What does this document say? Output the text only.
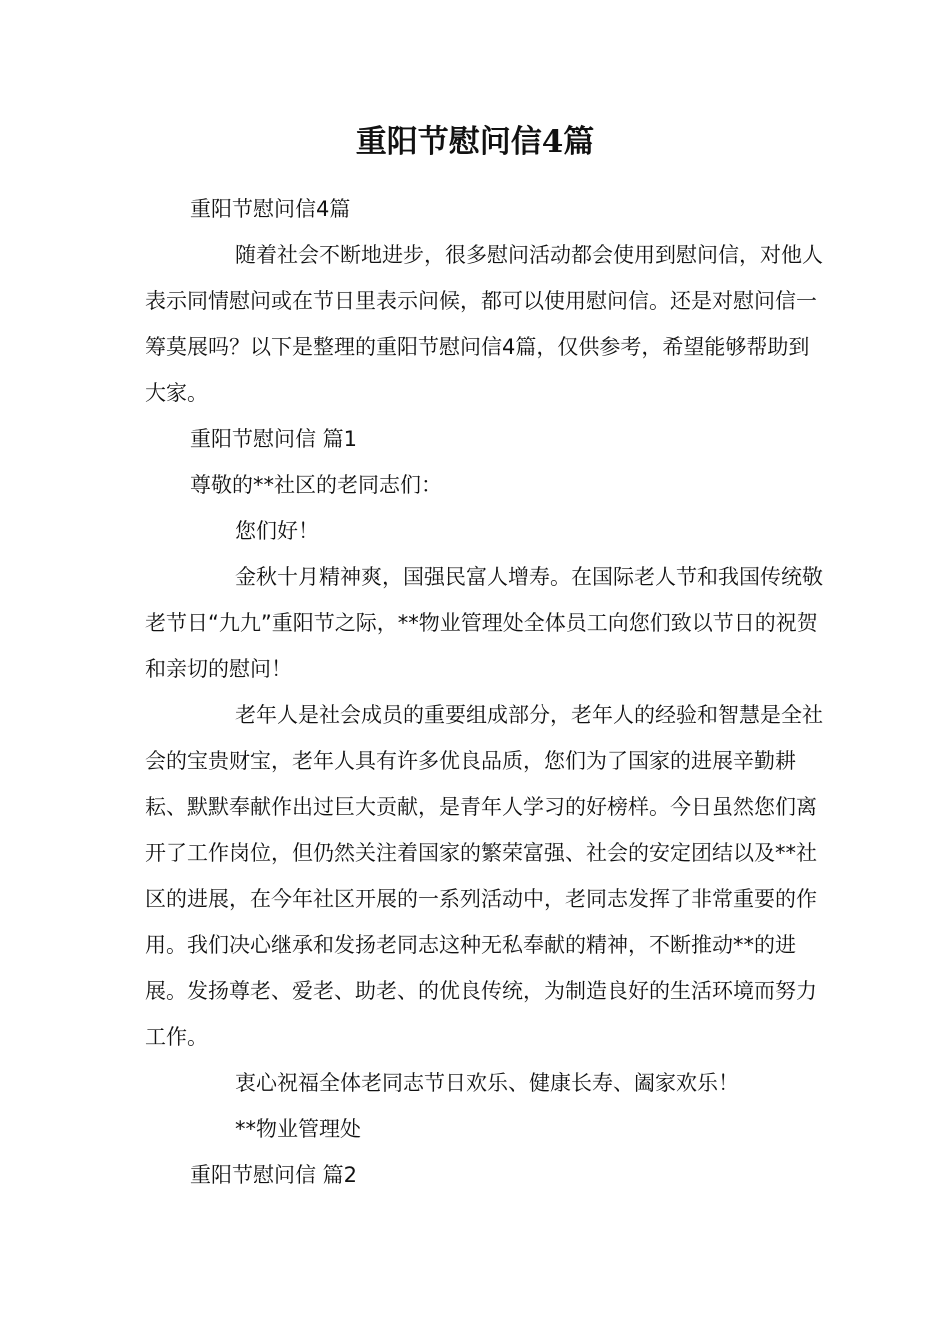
重阳节慰问信4篇

重阳节慰问信4篇

随着社会不断地进步，很多慰问活动都会使用到慰问信，对他人表示同情慰问或在节日里表示问候，都可以使用慰问信。还是对慰问信一筹莫展吗？以下是整理的重阳节慰问信4篇，仅供参考，希望能够帮助到大家。

重阳节慰问信 篇1

尊敬的**社区的老同志们：

您们好！

金秋十月精神爽，国强民富人增寿。在国际老人节和我国传统敬老节日“九九”重阳节之际，**物业管理处全体员工向您们致以节日的祝贺和亲切的慰问！

老年人是社会成员的重要组成部分，老年人的经验和智慧是全社会的宝贵财宝，老年人具有许多优良品质，您们为了国家的进展辛勤耕耘、默默奉献作出过巨大贡献，是青年人学习的好榜样。今日虽然您们离开了工作岗位，但仍然关注着国家的繁荣富强、社会的安定团结以及**社区的进展，在今年社区开展的一系列活动中，老同志发挥了非常重要的作用。我们决心继承和发扬老同志这种无私奉献的精神，不断推动**的进展。发扬尊老、爱老、助老、的优良传统，为制造良好的生活环境而努力工作。

衷心祝福全体老同志节日欢乐、健康长寿、阖家欢乐！

**物业管理处

重阳节慰问信 篇2
